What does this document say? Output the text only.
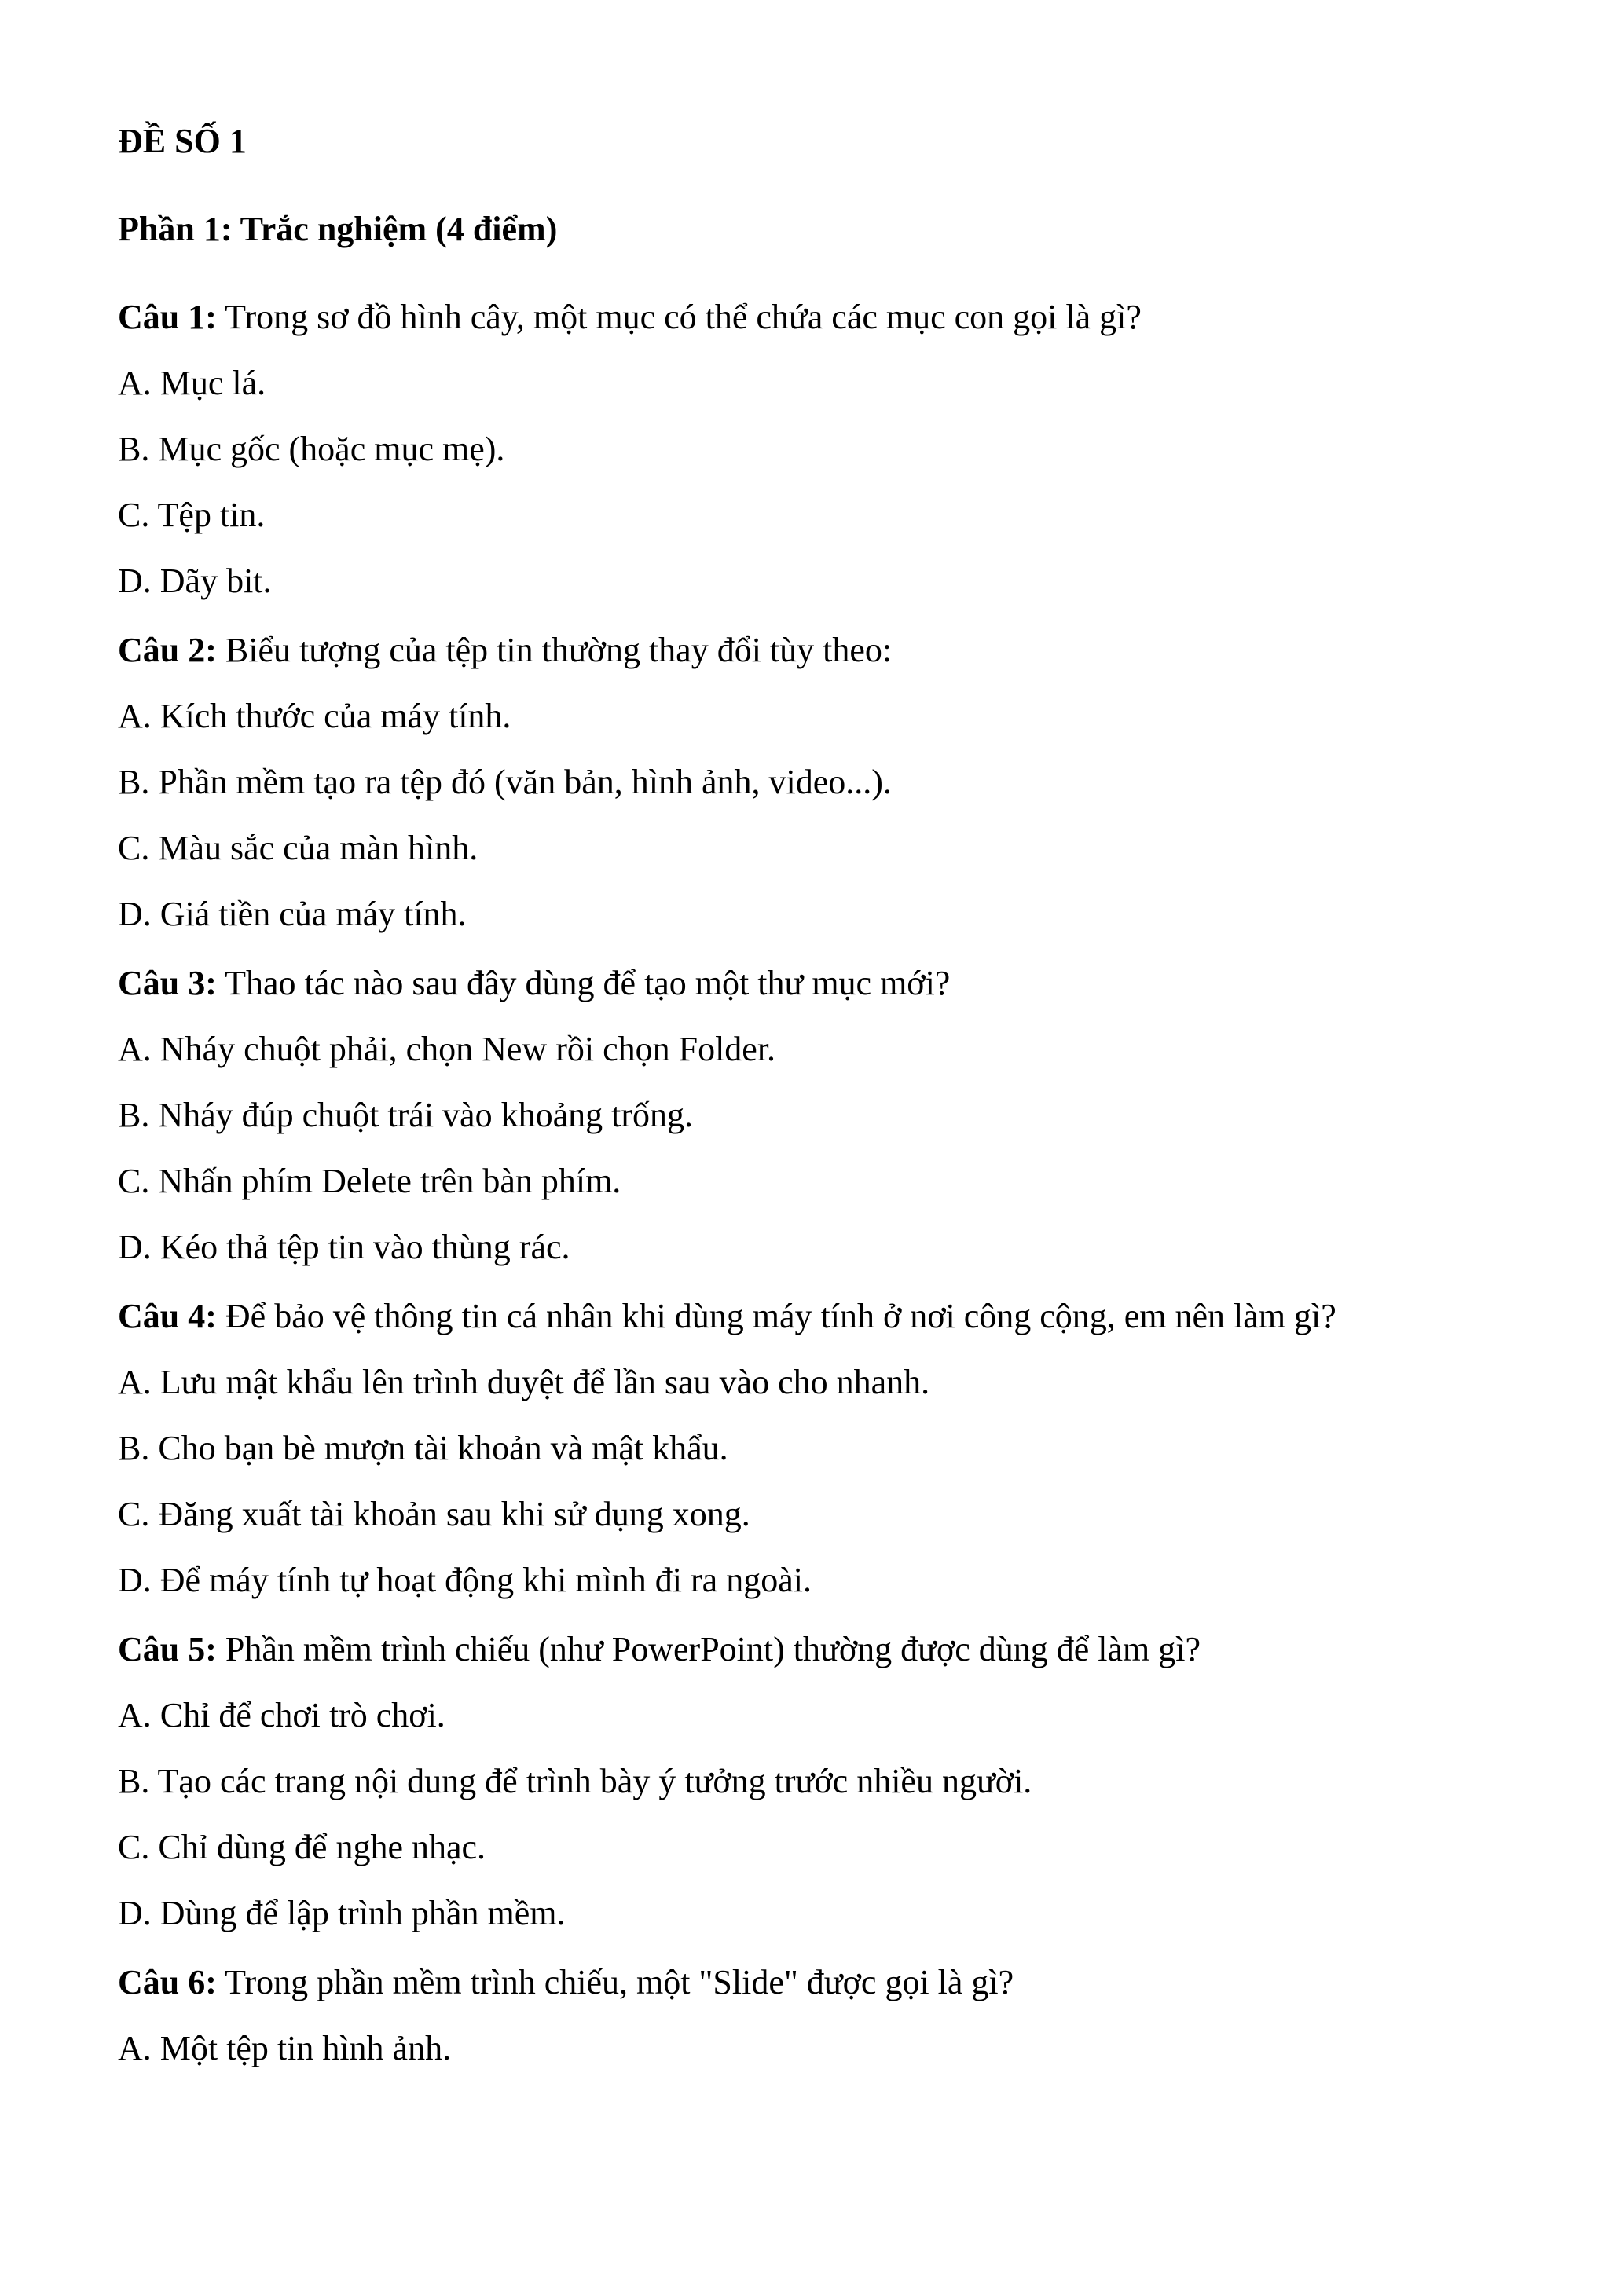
ĐỀ SỐ 1
Phần 1: Trắc nghiệm (4 điểm)
Câu 1: Trong sơ đồ hình cây, một mục có thể chứa các mục con gọi là gì?
A. Mục lá.
B. Mục gốc (hoặc mục mẹ).
C. Tệp tin.
D. Dãy bit.
Câu 2: Biểu tượng của tệp tin thường thay đổi tùy theo:
A. Kích thước của máy tính.
B. Phần mềm tạo ra tệp đó (văn bản, hình ảnh, video...).
C. Màu sắc của màn hình.
D. Giá tiền của máy tính.
Câu 3: Thao tác nào sau đây dùng để tạo một thư mục mới?
A. Nháy chuột phải, chọn New rồi chọn Folder.
B. Nháy đúp chuột trái vào khoảng trống.
C. Nhấn phím Delete trên bàn phím.
D. Kéo thả tệp tin vào thùng rác.
Câu 4: Để bảo vệ thông tin cá nhân khi dùng máy tính ở nơi công cộng, em nên làm gì?
A. Lưu mật khẩu lên trình duyệt để lần sau vào cho nhanh.
B. Cho bạn bè mượn tài khoản và mật khẩu.
C. Đăng xuất tài khoản sau khi sử dụng xong.
D. Để máy tính tự hoạt động khi mình đi ra ngoài.
Câu 5: Phần mềm trình chiếu (như PowerPoint) thường được dùng để làm gì?
A. Chỉ để chơi trò chơi.
B. Tạo các trang nội dung để trình bày ý tưởng trước nhiều người.
C. Chỉ dùng để nghe nhạc.
D. Dùng để lập trình phần mềm.
Câu 6: Trong phần mềm trình chiếu, một "Slide" được gọi là gì?
A. Một tệp tin hình ảnh.
